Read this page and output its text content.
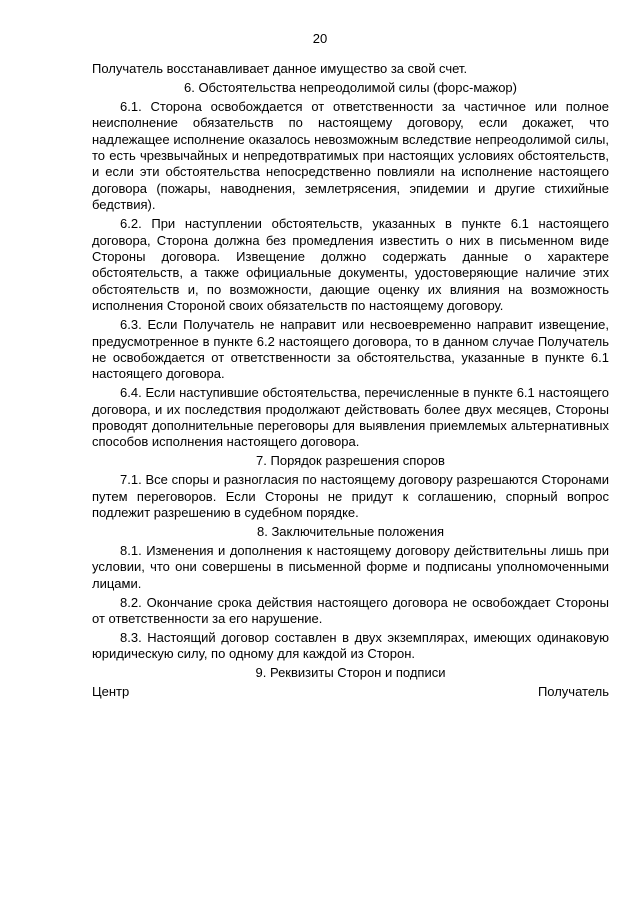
20

Получатель восстанавливает данное имущество за свой счет.

6. Обстоятельства непреодолимой силы (форс-мажор)

6.1. Сторона освобождается от ответственности за частичное или полное неисполнение обязательств по настоящему договору, если докажет, что надлежащее исполнение оказалось невозможным вследствие непреодолимой силы, то есть чрезвычайных и непредотвратимых при настоящих условиях обстоятельств, и если эти обстоятельства непосредственно повлияли на исполнение настоящего договора (пожары, наводнения, землетрясения, эпидемии и другие стихийные бедствия).

6.2. При наступлении обстоятельств, указанных в пункте 6.1 настоящего договора, Сторона должна без промедления известить о них в письменном виде Стороны договора. Извещение должно содержать данные о характере обстоятельств, а также официальные документы, удостоверяющие наличие этих обстоятельств и, по возможности, дающие оценку их влияния на возможность исполнения Стороной своих обязательств по настоящему договору.

6.3. Если Получатель не направит или несвоевременно направит извещение, предусмотренное в пункте 6.2 настоящего договора, то в данном случае Получатель не освобождается от ответственности за обстоятельства, указанные в пункте 6.1 настоящего договора.

6.4. Если наступившие обстоятельства, перечисленные в пункте 6.1 настоящего договора, и их последствия продолжают действовать более двух месяцев, Стороны проводят дополнительные переговоры для выявления приемлемых альтернативных способов исполнения настоящего договора.

7. Порядок разрешения споров

7.1. Все споры и разногласия по настоящему договору разрешаются Сторонами путем переговоров. Если Стороны не придут к соглашению, спорный вопрос подлежит разрешению в судебном порядке.

8. Заключительные положения

8.1. Изменения и дополнения к настоящему договору действительны лишь при условии, что они совершены в письменной форме и подписаны уполномоченными лицами.

8.2. Окончание срока действия настоящего договора не освобождает Стороны от ответственности за его нарушение.

8.3. Настоящий договор составлен в двух экземплярах, имеющих одинаковую юридическую силу, по одному для каждой из Сторон.

9. Реквизиты Сторон и подписи
Центр	Получатель
